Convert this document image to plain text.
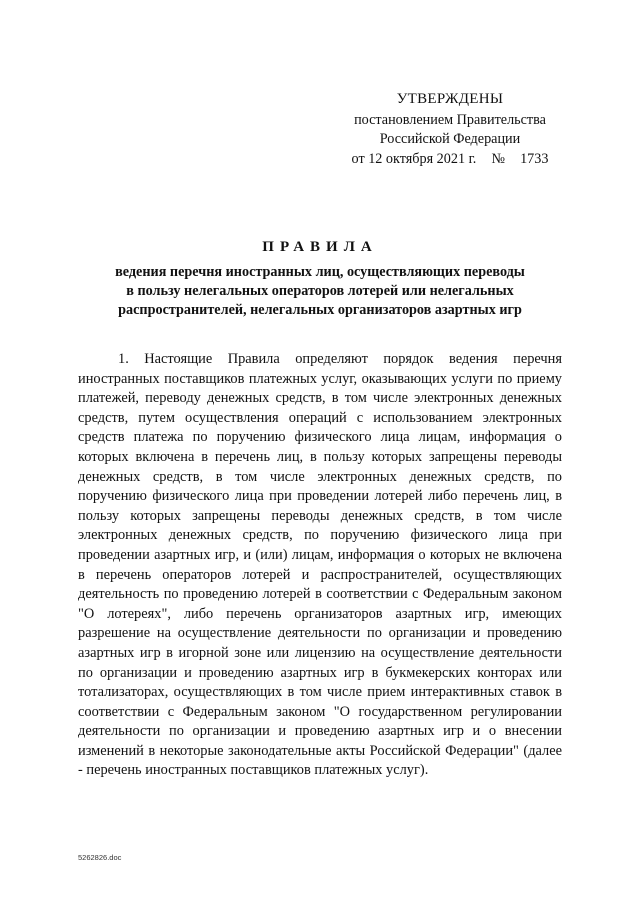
УТВЕРЖДЕНЫ
постановлением Правительства
Российской Федерации
от 12 октября 2021 г. № 1733
ПРАВИЛА
ведения перечня иностранных лиц, осуществляющих переводы
в пользу нелегальных операторов лотерей или нелегальных
распространителей, нелегальных организаторов азартных игр

1. Настоящие Правила определяют порядок ведения перечня иностранных поставщиков платежных услуг, оказывающих услуги по приему платежей, переводу денежных средств, в том числе электронных денежных средств, путем осуществления операций с использованием электронных средств платежа по поручению физического лица лицам, информация о которых включена в перечень лиц, в пользу которых запрещены переводы денежных средств, в том числе электронных денежных средств, по поручению физического лица при проведении лотерей либо перечень лиц, в пользу которых запрещены переводы денежных средств, в том числе электронных денежных средств, по поручению физического лица при проведении азартных игр, и (или) лицам, информация о которых не включена в перечень операторов лотерей и распространителей, осуществляющих деятельность по проведению лотерей в соответствии с Федеральным законом "О лотереях", либо перечень организаторов азартных игр, имеющих разрешение на осуществление деятельности по организации и проведению азартных игр в игорной зоне или лицензию на осуществление деятельности по организации и проведению азартных игр в букмекерских конторах или тотализаторах, осуществляющих в том числе прием интерактивных ставок в соответствии с Федеральным законом "О государственном регулировании деятельности по организации и проведению азартных игр и о внесении изменений в некоторые законодательные акты Российской Федерации" (далее - перечень иностранных поставщиков платежных услуг).

5262826.doc
